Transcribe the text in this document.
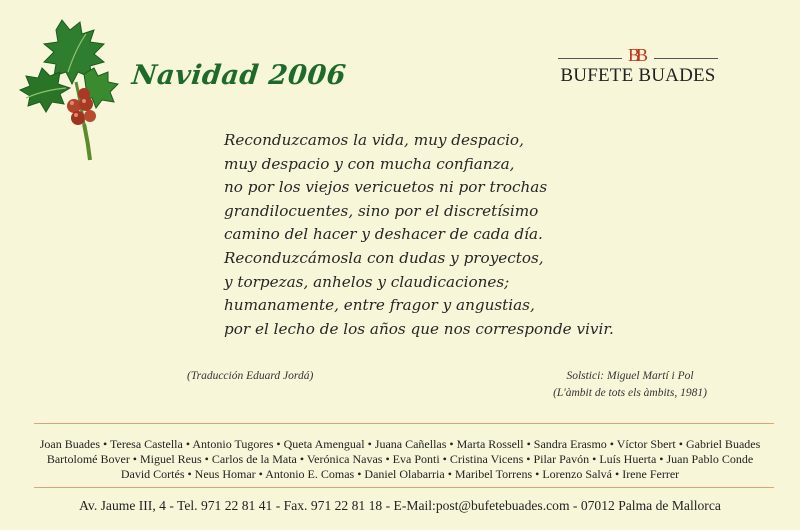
Navidad 2006
BB
BUFETE BUADES
Reconduzcamos la vida, muy despacio,
muy despacio y con mucha confianza,
no por los viejos vericuetos ni por trochas
grandilocuentes, sino por el discretísimo
camino del hacer y deshacer de cada día.
Reconduzcámosla con dudas y proyectos,
y torpezas, anhelos y claudicaciones;
humanamente, entre fragor y angustias,
por el lecho de los años que nos corresponde vivir.
(Traducción Eduard Jordá)	Solstici: Miguel Martí i Pol
(L'àmbit de tots els àmbits, 1981)
Joan Buades • Teresa Castella • Antonio Tugores • Queta Amengual • Juana Cañellas • Marta Rossell • Sandra Erasmo • Víctor Sbert • Gabriel Buades
Bartolomé Bover • Miguel Reus • Carlos de la Mata • Verónica Navas • Eva Ponti • Cristina Vicens • Pilar Pavón • Luís Huerta • Juan Pablo Conde
David Cortés • Neus Homar • Antonio E. Comas • Daniel Olabarria • Maribel Torrens • Lorenzo Salvá • Irene Ferrer
Av. Jaume III, 4 - Tel. 971 22 81 41 - Fax. 971 22 81 18 - E-Mail:post@bufetebuades.com - 07012 Palma de Mallorca
